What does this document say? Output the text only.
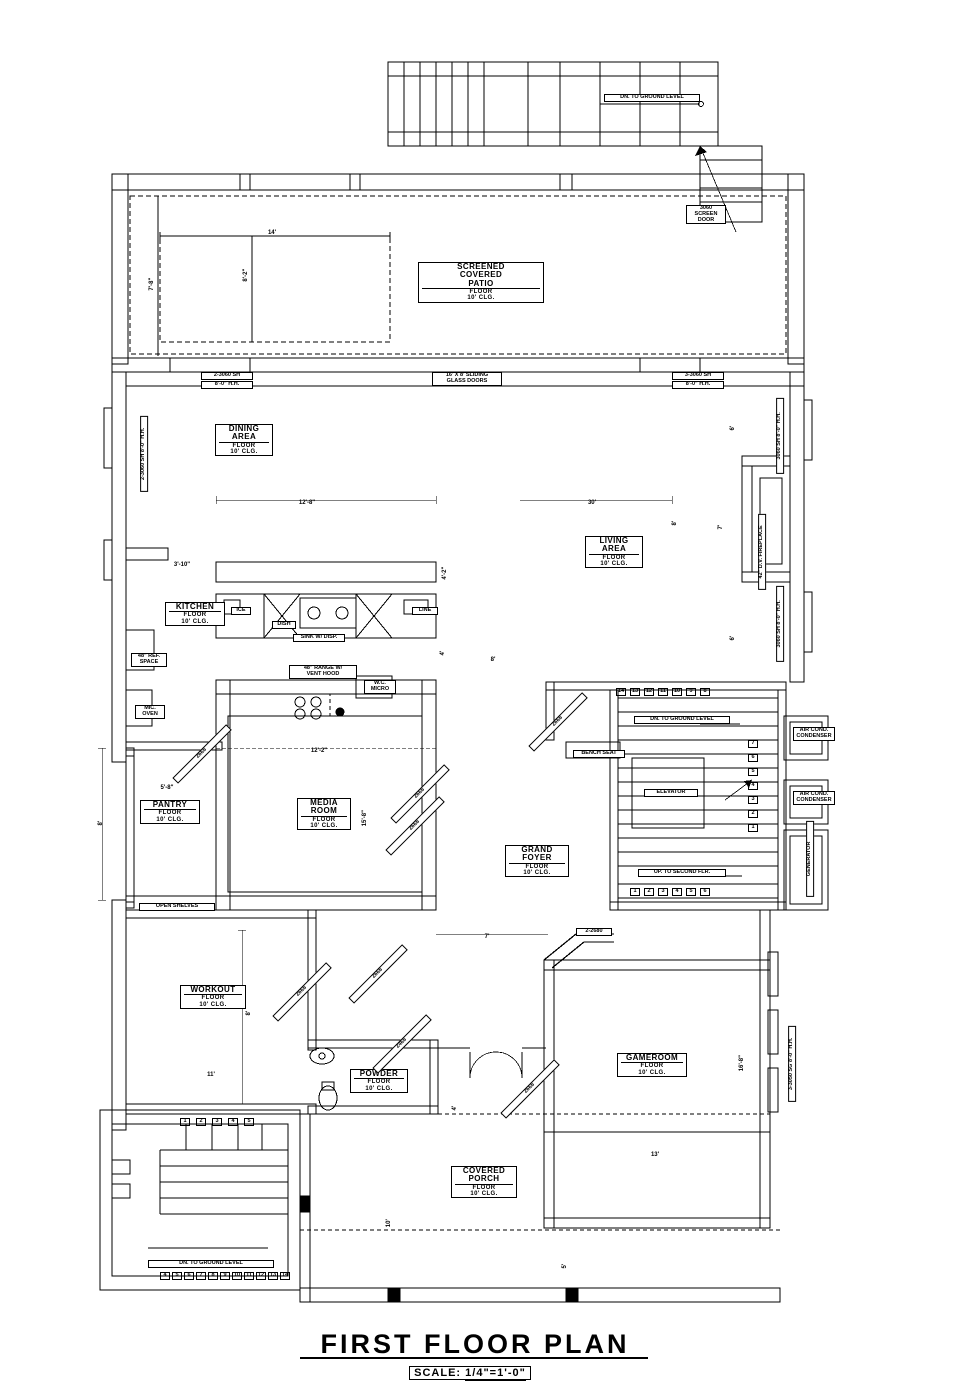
SCREENED
COVERED
PATIO
FLOOR
10' CLG.
DINING
AREA
FLOOR
10' CLG.
LIVING
AREA
FLOOR
10' CLG.
KITCHEN
FLOOR
10' CLG.
PANTRY
FLOOR
10' CLG.
MEDIA
ROOM
FLOOR
10' CLG.
GRAND
FOYER
FLOOR
10' CLG.
WORKOUT
FLOOR
10' CLG.
POWDER
FLOOR
10' CLG.
GAMEROOM
FLOOR
10' CLG.
COVERED
PORCH
FLOOR
10' CLG.
DN. TO GROUND LEVEL
3060
SCREEN
DOOR
2-3060 SH
8'-0" H.H.
16' X 8' SLIDING
GLASS DOORS
3-3060 SH
8'-0" H.H.
OPEN SHELVES
BENCH SEAT
ELEVATOR
DN. TO GROUND LEVEL
UP. TO SECOND FLR.
DN. TO GROUND LEVEL
2-2680
SINK W/ DISP.
DISH
48" RANGE W/
VENT HOOD
48" REF.
SPACE
MIC.
OVEN
W.C.
MICRO
LINE
ICE
GENERATOR
42" D.V. FIREPLACE
3060 SH 8'-0" H.H.
3060 SH 8'-0" H.H.
2-3060 SH 8'-0" H.H.
3-3050 SG 8'-0" H.H.
2668
2668
2668
2668
2668
2468
2668
2668
14'
8'-2"
7'-8"
12'-8"	30'
8'
7'
3'-10"
4'-2"
6'
6'
4'
8'
12'-2"
5'-8"
8'	15'-8"
7'
8'
11'
4'
16'-8"
13'
10'
5'
14	13	12	11	10	9	8
1	2	3	4	5	6
7
6
5
4
3
2
1
4	5	6	7	8	9	10	11	12	13	14
1	2	3	4	5
AIR COND.
CONDENSER
AIR COND.
CONDENSER
FIRST FLOOR PLAN
SCALE: 1/4"=1'-0"
